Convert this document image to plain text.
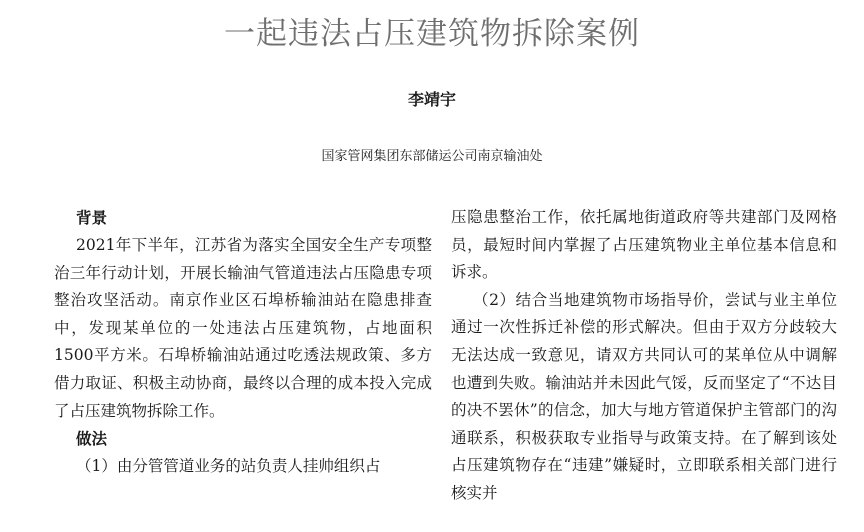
一起违法占压建筑物拆除案例
李靖宇
国家管网集团东部储运公司南京输油处
背景

2021年下半年，江苏省为落实全国安全生产专项整治三年行动计划，开展长输油气管道违法占压隐患专项整治攻坚活动。南京作业区石埠桥输油站在隐患排查中，发现某单位的一处违法占压建筑物，占地面积1500平方米。石埠桥输油站通过吃透法规政策、多方借力取证、积极主动协商，最终以合理的成本投入完成了占压建筑物拆除工作。

做法

（1）由分管管道业务的站负责人挂帅组织占

压隐患整治工作，依托属地街道政府等共建部门及网格员，最短时间内掌握了占压建筑物业主单位基本信息和诉求。

（2）结合当地建筑物市场指导价，尝试与业主单位通过一次性拆迁补偿的形式解决。但由于双方分歧较大无法达成一致意见，请双方共同认可的某单位从中调解也遭到失败。输油站并未因此气馁，反而坚定了“不达目的决不罢休”的信念，加大与地方管道保护主管部门的沟通联系，积极获取专业指导与政策支持。在了解到该处占压建筑物存在“违建”嫌疑时，立即联系相关部门进行核实并
